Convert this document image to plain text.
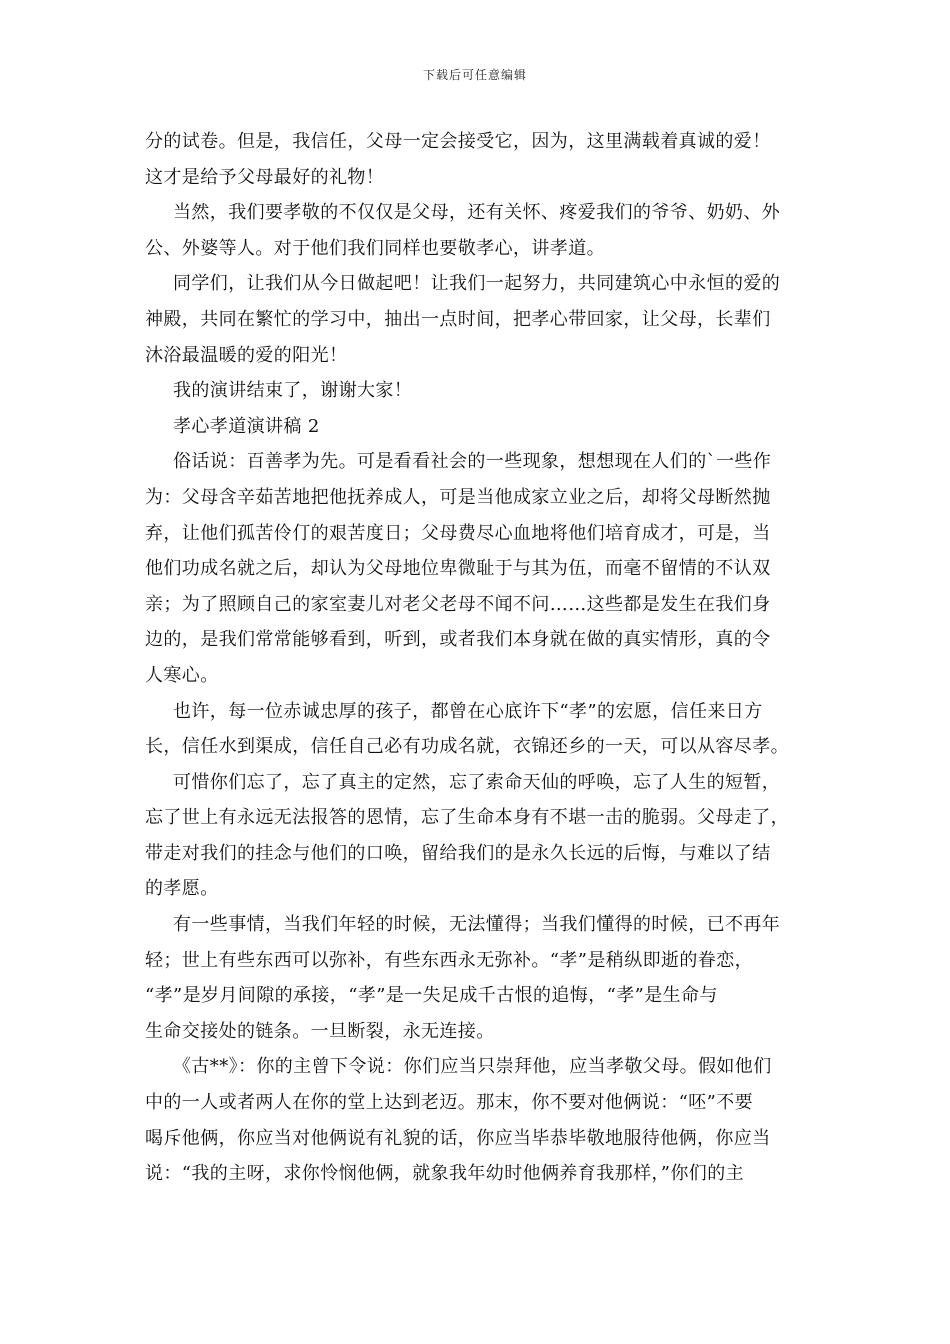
下载后可任意编辑
分的试卷。但是，我信任，父母一定会接受它，因为，这里满载着真诚的爱！
这才是给予父母最好的礼物！
当然，我们要孝敬的不仅仅是父母，还有关怀、疼爱我们的爷爷、奶奶、外
公、外婆等人。对于他们我们同样也要敬孝心，讲孝道。
同学们，让我们从今日做起吧！让我们一起努力，共同建筑心中永恒的爱的
神殿，共同在繁忙的学习中，抽出一点时间，把孝心带回家，让父母，长辈们
沐浴最温暖的爱的阳光！
我的演讲结束了，谢谢大家！
孝心孝道演讲稿 2
俗话说：百善孝为先。可是看看社会的一些现象，想想现在人们的`一些作
为：父母含辛茹苦地把他抚养成人，可是当他成家立业之后，却将父母断然抛
弃，让他们孤苦伶仃的艰苦度日；父母费尽心血地将他们培育成才，可是，当
他们功成名就之后，却认为父母地位卑微耻于与其为伍，而毫不留情的不认双
亲；为了照顾自己的家室妻儿对老父老母不闻不问……这些都是发生在我们身
边的，是我们常常能够看到，听到，或者我们本身就在做的真实情形，真的令
人寒心。
也许，每一位赤诚忠厚的孩子，都曾在心底许下“孝”的宏愿，信任来日方
长，信任水到渠成，信任自己必有功成名就，衣锦还乡的一天，可以从容尽孝。
可惜你们忘了，忘了真主的定然，忘了索命天仙的呼唤，忘了人生的短暂，
忘了世上有永远无法报答的恩情，忘了生命本身有不堪一击的脆弱。父母走了，
带走对我们的挂念与他们的口唤，留给我们的是永久长远的后悔，与难以了结
的孝愿。
有一些事情，当我们年轻的时候，无法懂得；当我们懂得的时候，已不再年
轻；世上有些东西可以弥补，有些东西永无弥补。“孝”是稍纵即逝的眷恋，
“孝”是岁月间隙的承接，“孝”是一失足成千古恨的追悔，“孝”是生命与
生命交接处的链条。一旦断裂，永无连接。
《古**》：你的主曾下令说：你们应当只崇拜他，应当孝敬父母。假如他们
中的一人或者两人在你的堂上达到老迈。那末，你不要对他俩说：“呸”不要
喝斥他俩，你应当对他俩说有礼貌的话，你应当毕恭毕敬地服待他俩，你应当
说：“我的主呀，求你怜悯他俩，就象我年幼时他俩养育我那样，”你们的主
